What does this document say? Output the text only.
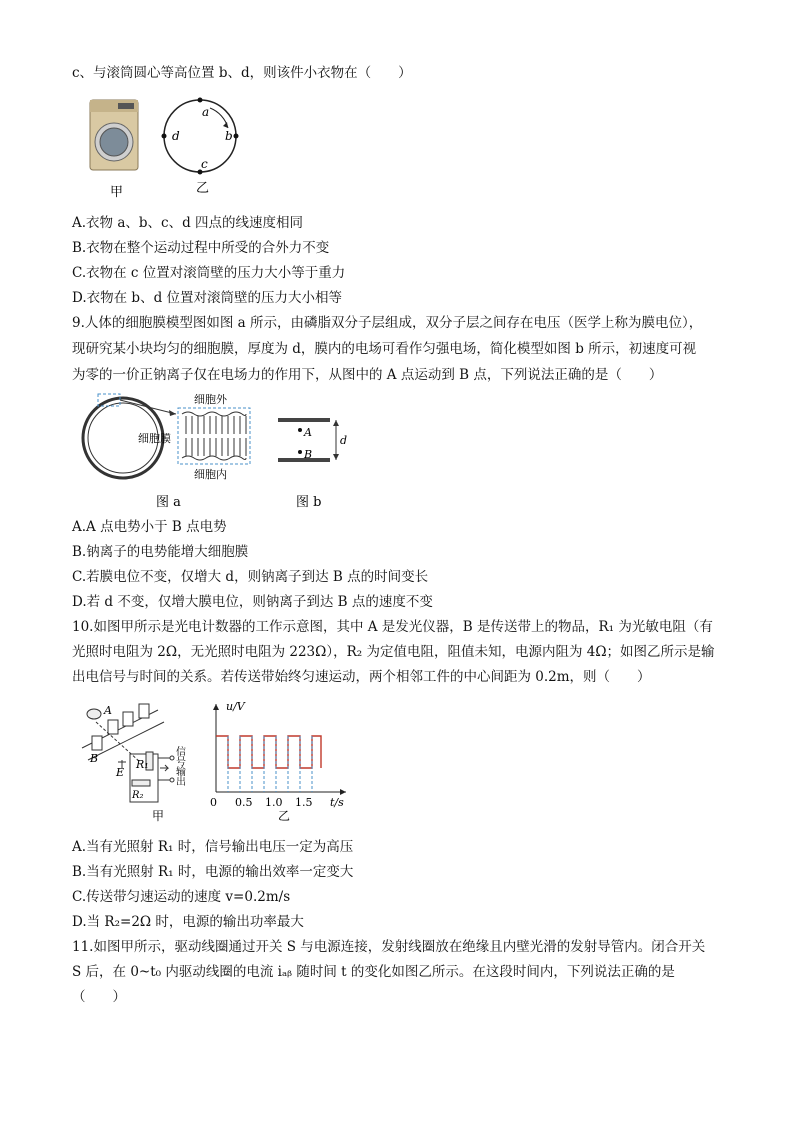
c、与滚筒圆心等高位置 b、d，则该件小衣物在（　　）
甲
a
b
c
d
乙
A.衣物 a、b、c、d 四点的线速度相同
B.衣物在整个运动过程中所受的合外力不变
C.衣物在 c 位置对滚筒壁的压力大小等于重力
D.衣物在 b、d 位置对滚筒壁的压力大小相等
9.人体的细胞膜模型图如图 a 所示，由磷脂双分子层组成，双分子层之间存在电压（医学上称为膜电位），
现研究某小块均匀的细胞膜，厚度为 d，膜内的电场可看作匀强电场，简化模型如图 b 所示，初速度可视
为零的一价正钠离子仅在电场力的作用下，从图中的 A 点运动到 B 点，下列说法正确的是（　　）
细胞膜
细胞外
细胞内
图 a
A
B
d
图 b
A.A 点电势小于 B 点电势
B.钠离子的电势能增大细胞膜
C.若膜电位不变，仅增大 d，则钠离子到达 B 点的时间变长
D.若 d 不变，仅增大膜电位，则钠离子到达 B 点的速度不变
10.如图甲所示是光电计数器的工作示意图，其中 A 是发光仪器，B 是传送带上的物品，R₁ 为光敏电阻（有
光照时电阻为 2Ω，无光照时电阻为 223Ω），R₂ 为定值电阻，阻值未知，电源内阻为 4Ω；如图乙所示是输
出电信号与时间的关系。若传送带始终匀速运动，两个相邻工件的中心间距为 0.2m，则（　　）
A
B
E
R₁
R₂
信号输出
甲
u/V
t/s
0 0.5 1.0 1.5
乙
A.当有光照射 R₁ 时，信号输出电压一定为高压
B.当有光照射 R₁ 时，电源的输出效率一定变大
C.传送带匀速运动的速度 v=0.2m/s
D.当 R₂=2Ω 时，电源的输出功率最大
11.如图甲所示，驱动线圈通过开关 S 与电源连接，发射线圈放在绝缘且内壁光滑的发射导管内。闭合开关
S 后，在 0~t₀ 内驱动线圈的电流 iₐᵦ 随时间 t 的变化如图乙所示。在这段时间内，下列说法正确的是
（　　）
